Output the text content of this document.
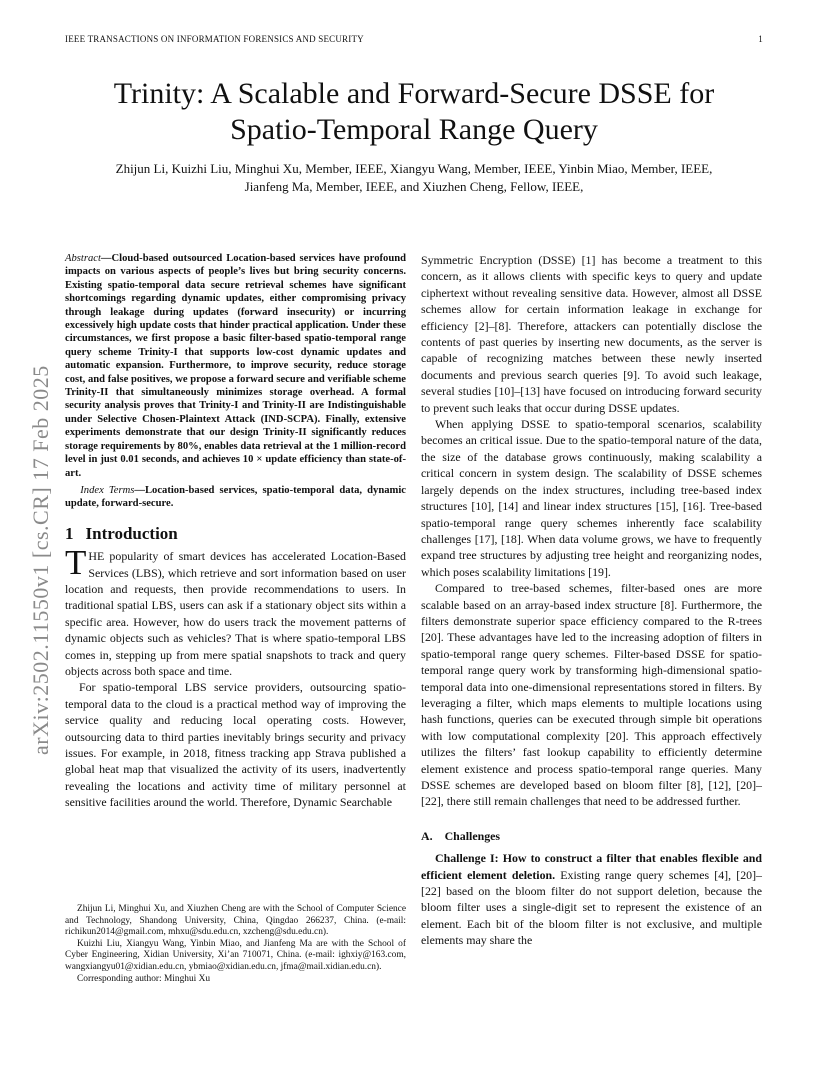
IEEE TRANSACTIONS ON INFORMATION FORENSICS AND SECURITY	1
arXiv:2502.11550v1 [cs.CR] 17 Feb 2025
Trinity: A Scalable and Forward-Secure DSSE for
Spatio-Temporal Range Query
Zhijun Li, Kuizhi Liu, Minghui Xu, Member, IEEE, Xiangyu Wang, Member, IEEE, Yinbin Miao, Member, IEEE,
Jianfeng Ma, Member, IEEE, and Xiuzhen Cheng, Fellow, IEEE,
Abstract—Cloud-based outsourced Location-based services have profound impacts on various aspects of people’s lives but bring security concerns. Existing spatio-temporal data secure retrieval schemes have significant shortcomings regarding dynamic updates, either compromising privacy through leakage during updates (forward insecurity) or incurring excessively high update costs that hinder practical application. Under these circumstances, we first propose a basic filter-based spatio-temporal range query scheme Trinity-I that supports low-cost dynamic updates and automatic expansion. Furthermore, to improve security, reduce storage cost, and false positives, we propose a forward secure and verifiable scheme Trinity-II that simultaneously minimizes storage overhead. A formal security analysis proves that Trinity-I and Trinity-II are Indistinguishable under Selective Chosen-Plaintext Attack (IND-SCPA). Finally, extensive experiments demonstrate that our design Trinity-II significantly reduces storage requirements by 80%, enables data retrieval at the 1 million-record level in just 0.01 seconds, and achieves 10 × update efficiency than state-of-art.
Index Terms—Location-based services, spatio-temporal data, dynamic update, forward-secure.
1 Introduction

THE popularity of smart devices has accelerated Location-Based Services (LBS), which retrieve and sort information based on user location and requests, then provide recommendations to users. In traditional spatial LBS, users can ask if a stationary object sits within a specific area. However, how do users track the movement patterns of dynamic objects such as vehicles? That is where spatio-temporal LBS comes in, stepping up from mere spatial snapshots to track and query objects across both space and time.

For spatio-temporal LBS service providers, outsourcing spatio-temporal data to the cloud is a practical method way of improving the service quality and reducing local operating costs. However, outsourcing data to third parties inevitably brings security and privacy issues. For example, in 2018, fitness tracking app Strava published a global heat map that visualized the activity of its users, inadvertently revealing the locations and activity time of military personnel at sensitive facilities around the world. Therefore, Dynamic Searchable

Zhijun Li, Minghui Xu, and Xiuzhen Cheng are with the School of Computer Science and Technology, Shandong University, China, Qingdao 266237, China. (e-mail: richikun2014@gmail.com, mhxu@sdu.edu.cn, xzcheng@sdu.edu.cn).

Kuizhi Liu, Xiangyu Wang, Yinbin Miao, and Jianfeng Ma are with the School of Cyber Engineering, Xidian University, Xi’an 710071, China. (e-mail: ighxiy@163.com, wangxiangyu01@xidian.edu.cn, ybmiao@xidian.edu.cn, jfma@mail.xidian.edu.cn).

Corresponding author: Minghui Xu

Symmetric Encryption (DSSE) [1] has become a treatment to this concern, as it allows clients with specific keys to query and update ciphertext without revealing sensitive data. However, almost all DSSE schemes allow for certain information leakage in exchange for efficiency [2]–[8]. Therefore, attackers can potentially disclose the contents of past queries by inserting new documents, as the server is capable of recognizing matches between these newly inserted documents and previous search queries [9]. To avoid such leakage, several studies [10]–[13] have focused on introducing forward security to prevent such leaks that occur during DSSE updates.

When applying DSSE to spatio-temporal scenarios, scalability becomes an critical issue. Due to the spatio-temporal nature of the data, the size of the database grows continuously, making scalability a critical concern in system design. The scalability of DSSE schemes largely depends on the index structures, including tree-based index structures [10], [14] and linear index structures [15], [16]. Tree-based spatio-temporal range query schemes inherently face scalability challenges [17], [18]. When data volume grows, we have to frequently expand tree structures by adjusting tree height and reorganizing nodes, which poses scalability limitations [19].

Compared to tree-based schemes, filter-based ones are more scalable based on an array-based index structure [8]. Furthermore, the filters demonstrate superior space efficiency compared to the R-trees [20]. These advantages have led to the increasing adoption of filters in spatio-temporal range query schemes. Filter-based DSSE for spatio-temporal range query work by transforming high-dimensional spatio-temporal data into one-dimensional representations stored in filters. By leveraging a filter, which maps elements to multiple locations using hash functions, queries can be executed through simple bit operations with low computational complexity [20]. This approach effectively utilizes the filters’ fast lookup capability to efficiently determine element existence and process spatio-temporal range queries. Many DSSE schemes are developed based on bloom filter [8], [12], [20]–[22], there still remain challenges that need to be addressed further.

A. Challenges

Challenge I: How to construct a filter that enables flexible and efficient element deletion. Existing range query schemes [4], [20]–[22] based on the bloom filter do not support deletion, because the bloom filter uses a single-digit set to represent the existence of an element. Each bit of the bloom filter is not exclusive, and multiple elements may share the
